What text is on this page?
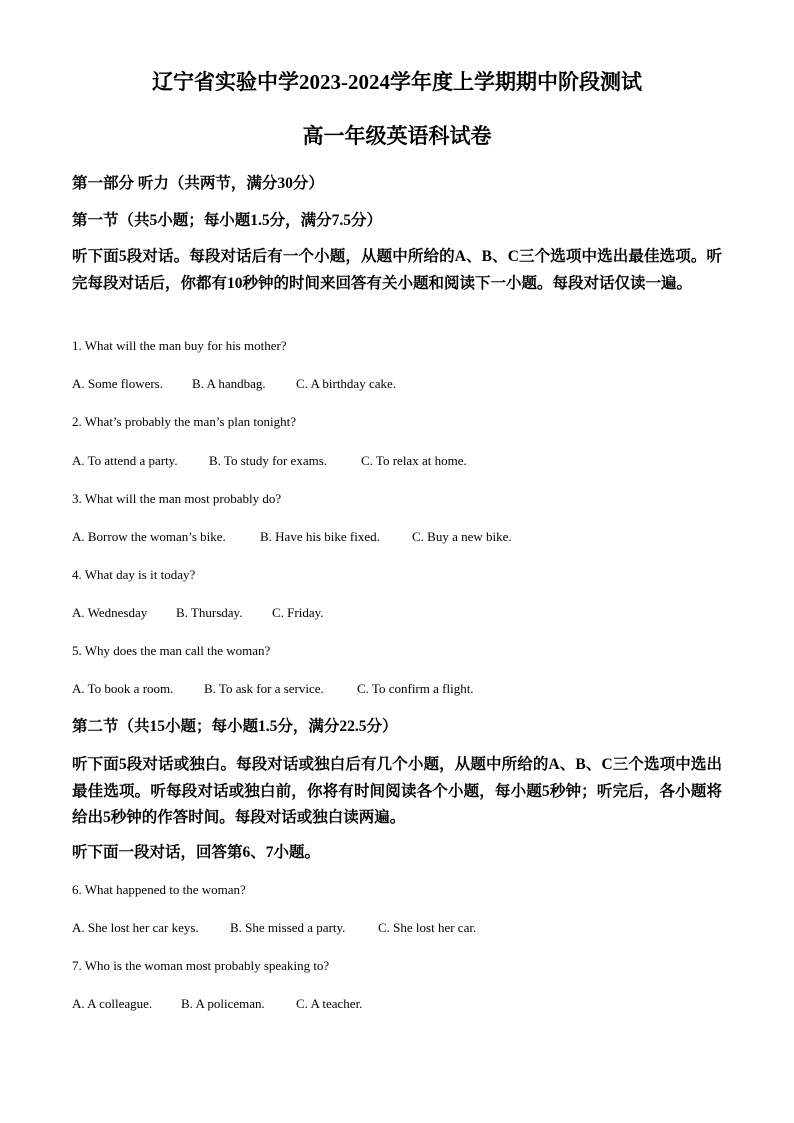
辽宁省实验中学2023-2024学年度上学期期中阶段测试
高一年级英语科试卷
第一部分 听力（共两节，满分30分）
第一节（共5小题；每小题1.5分，满分7.5分）
听下面5段对话。每段对话后有一个小题，从题中所给的A、B、C三个选项中选出最佳选项。听完每段对话后，你都有10秒钟的时间来回答有关小题和阅读下一小题。每段对话仅读一遍。
1. What will the man buy for his mother?
A. Some flowers. B. A handbag. C. A birthday cake.
2. What’s probably the man’s plan tonight?
A. To attend a party. B. To study for exams.	C. To relax at home.
3. What will the man most probably do?
A. Borrow the woman’s bike.	B. Have his bike fixed. C. Buy a new bike.
4. What day is it today?
A. Wednesday B. Thursday. C. Friday.
5. Why does the man call the woman?
A. To book a room. B. To ask for a service.	C. To confirm a flight.
第二节（共15小题；每小题1.5分，满分22.5分）
听下面5段对话或独白。每段对话或独白后有几个小题，从题中所给的A、B、C三个选项中选出最佳选项。听每段对话或独白前，你将有时间阅读各个小题，每小题5秒钟；听完后，各小题将给出5秒钟的作答时间。每段对话或独白读两遍。
听下面一段对话，回答第6、7小题。
6. What happened to the woman?
A. She lost her car keys. B. She missed a party.	C. She lost her car.
7. Who is the woman most probably speaking to?
A. A colleague. B. A policeman. C. A teacher.
